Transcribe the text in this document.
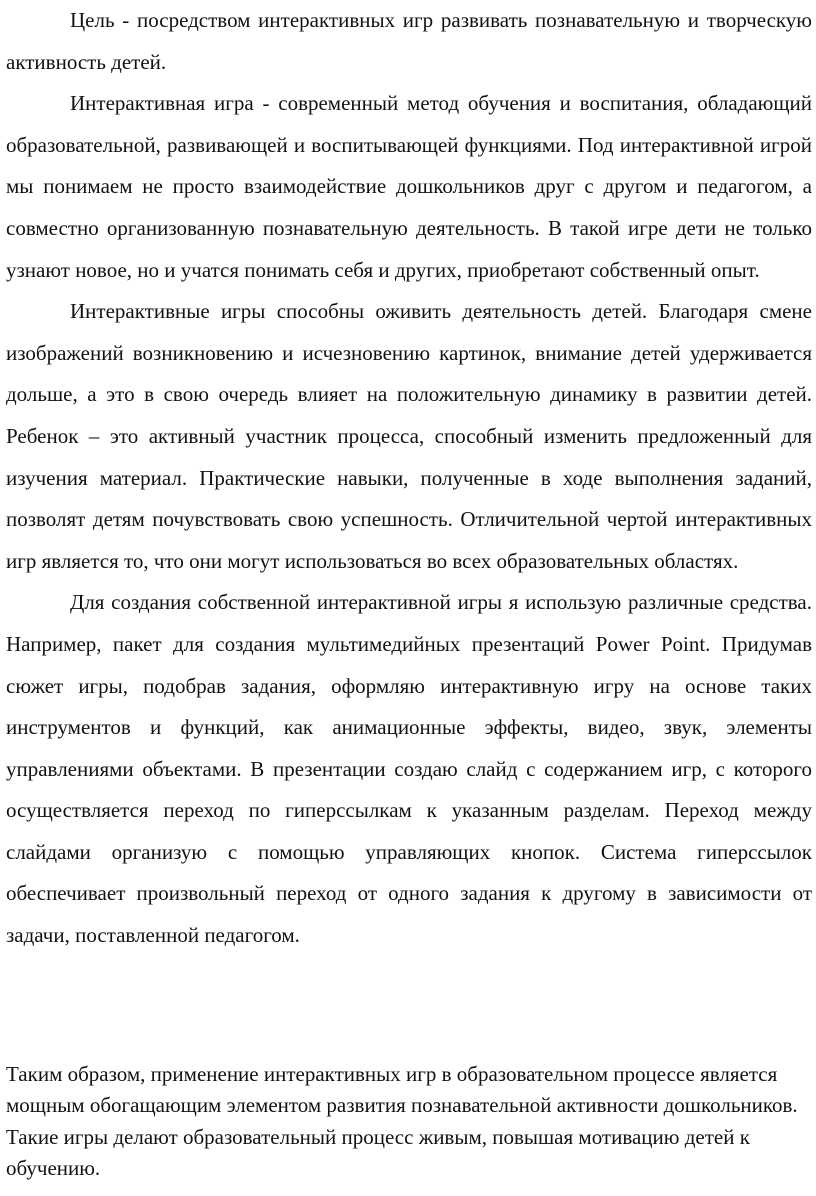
Цель - посредством интерактивных игр развивать познавательную и творческую активность детей.

Интерактивная игра - современный метод обучения и воспитания, обладающий образовательной, развивающей и воспитывающей функциями. Под интерактивной игрой мы понимаем не просто взаимодействие дошкольников друг с другом и педагогом, а совместно организованную познавательную деятельность. В такой игре дети не только узнают новое, но и учатся понимать себя и других, приобретают собственный опыт.

Интерактивные игры способны оживить деятельность детей. Благодаря смене изображений возникновению и исчезновению картинок, внимание детей удерживается дольше, а это в свою очередь влияет на положительную динамику в развитии детей. Ребенок – это активный участник процесса, способный изменить предложенный для изучения материал. Практические навыки, полученные в ходе выполнения заданий, позволят детям почувствовать свою успешность. Отличительной чертой интерактивных игр является то, что они могут использоваться во всех образовательных областях.

Для создания собственной интерактивной игры я использую различные средства. Например, пакет для создания мультимедийных презентаций Power Point. Придумав сюжет игры, подобрав задания, оформляю интерактивную игру на основе таких инструментов и функций, как анимационные эффекты, видео, звук, элементы управлениями объектами. В презентации создаю слайд с содержанием игр, с которого осуществляется переход по гиперссылкам к указанным разделам. Переход между слайдами организую с помощью управляющих кнопок. Система гиперссылок обеспечивает произвольный переход от одного задания к другому в зависимости от задачи, поставленной педагогом.

Таким образом, применение интерактивных игр в образовательном процессе является мощным обогащающим элементом развития познавательной активности дошкольников. Такие игры делают образовательный процесс живым, повышая мотивацию детей к обучению.
